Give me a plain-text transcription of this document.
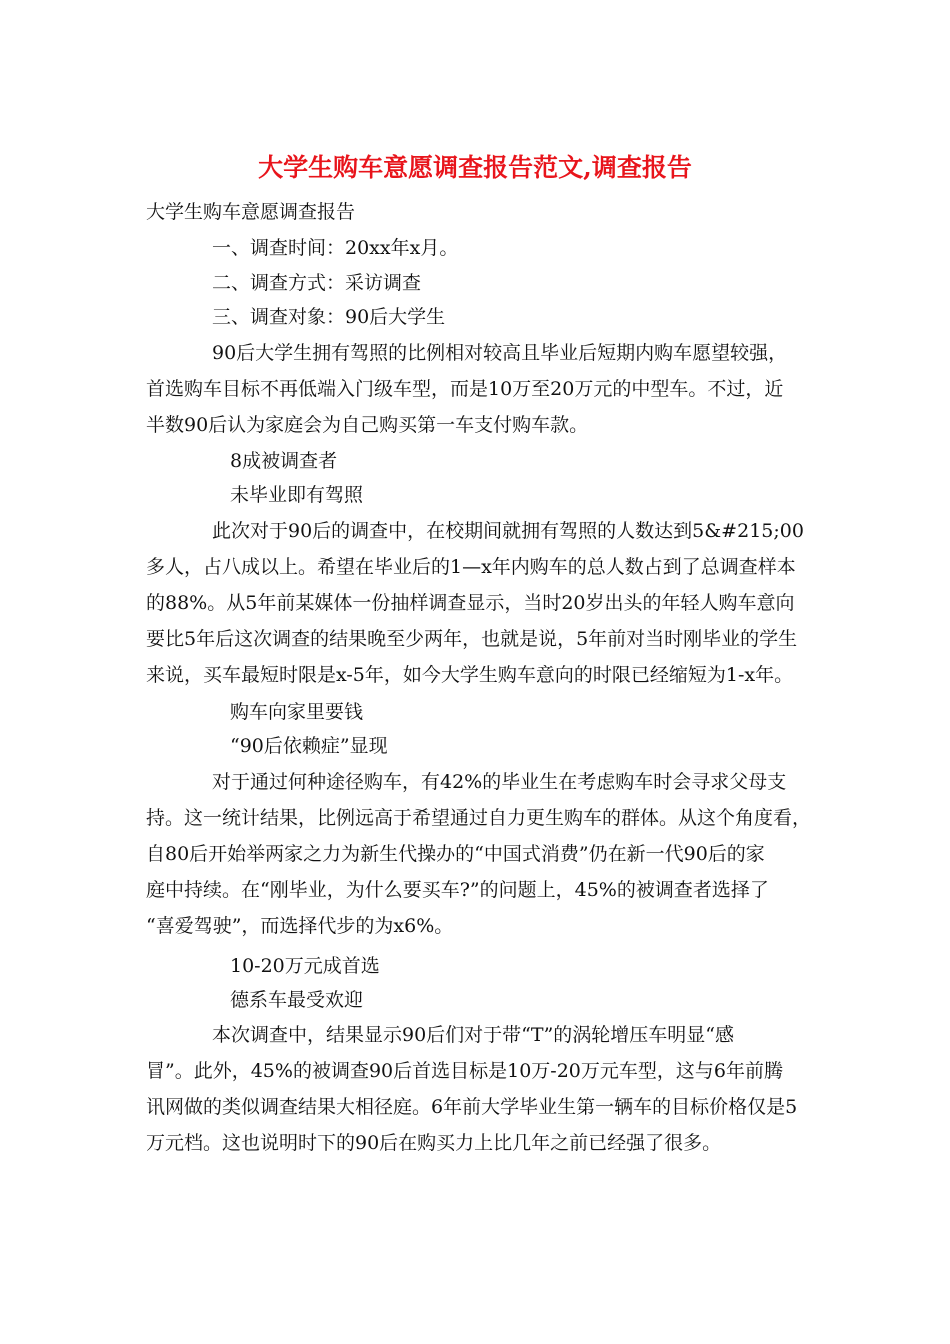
大学生购车意愿调查报告范文,调查报告
大学生购车意愿调查报告
一、调查时间：20xx年x月。
二、调查方式：采访调查
三、调查对象：90后大学生
90后大学生拥有驾照的比例相对较高且毕业后短期内购车愿望较强，
首选购车目标不再低端入门级车型，而是10万至20万元的中型车。不过，近
半数90后认为家庭会为自己购买第一车支付购车款。
8成被调查者
未毕业即有驾照
此次对于90后的调查中，在校期间就拥有驾照的人数达到5&#215;00
多人，占八成以上。希望在毕业后的1—x年内购车的总人数占到了总调查样本
的88%。从5年前某媒体一份抽样调查显示，当时20岁出头的年轻人购车意向
要比5年后这次调查的结果晚至少两年，也就是说，5年前对当时刚毕业的学生
来说，买车最短时限是x-5年，如今大学生购车意向的时限已经缩短为1-x年。
购车向家里要钱
“90后依赖症”显现
对于通过何种途径购车，有42%的毕业生在考虑购车时会寻求父母支
持。这一统计结果，比例远高于希望通过自力更生购车的群体。从这个角度看，
自80后开始举两家之力为新生代操办的“中国式消费”仍在新一代90后的家
庭中持续。在“刚毕业，为什么要买车?”的问题上，45%的被调查者选择了
“喜爱驾驶”，而选择代步的为x6%。
10-20万元成首选
德系车最受欢迎
本次调查中，结果显示90后们对于带“T”的涡轮增压车明显“感
冒”。此外，45%的被调查90后首选目标是10万-20万元车型，这与6年前腾
讯网做的类似调查结果大相径庭。6年前大学毕业生第一辆车的目标价格仅是5
万元档。这也说明时下的90后在购买力上比几年之前已经强了很多。
